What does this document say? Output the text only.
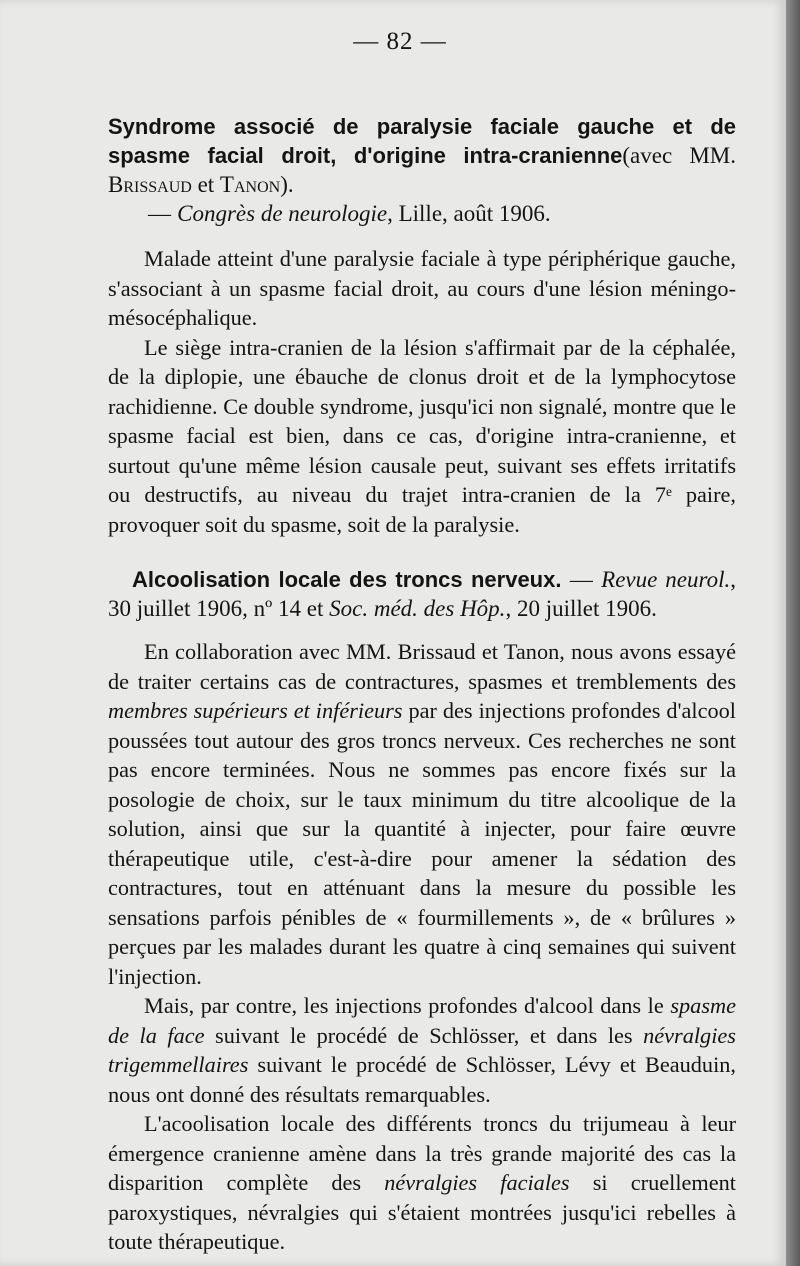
— 82 —

Syndrome associé de paralysie faciale gauche et de spasme facial droit, d'origine intra-cranienne(avec MM. Brissaud et Tanon).
— Congrès de neurologie, Lille, août 1906.

Malade atteint d'une paralysie faciale à type périphérique gauche, s'associant à un spasme facial droit, au cours d'une lésion méningo-mésocéphalique.

Le siège intra-cranien de la lésion s'affirmait par de la céphalée, de la diplopie, une ébauche de clonus droit et de la lymphocytose rachidienne. Ce double syndrome, jusqu'ici non signalé, montre que le spasme facial est bien, dans ce cas, d'origine intra-cranienne, et surtout qu'une même lésion causale peut, suivant ses effets irritatifs ou destructifs, au niveau du trajet intra-cranien de la 7ᵉ paire, provoquer soit du spasme, soit de la paralysie.

Alcoolisation locale des troncs nerveux. — Revue neurol., 30 juillet 1906, nº 14 et Soc. méd. des Hôp., 20 juillet 1906.

En collaboration avec MM. Brissaud et Tanon, nous avons essayé de traiter certains cas de contractures, spasmes et tremblements des membres supérieurs et inférieurs par des injections profondes d'alcool poussées tout autour des gros troncs nerveux. Ces recherches ne sont pas encore terminées. Nous ne sommes pas encore fixés sur la posologie de choix, sur le taux minimum du titre alcoolique de la solution, ainsi que sur la quantité à injecter, pour faire œuvre thérapeutique utile, c'est-à-dire pour amener la sédation des contractures, tout en atténuant dans la mesure du possible les sensations parfois pénibles de « fourmillements », de « brûlures » perçues par les malades durant les quatre à cinq semaines qui suivent l'injection.

Mais, par contre, les injections profondes d'alcool dans le spasme de la face suivant le procédé de Schlösser, et dans les névralgies trigemmellaires suivant le procédé de Schlösser, Lévy et Beauduin, nous ont donné des résultats remarquables.

L'acoolisation locale des différents troncs du trijumeau à leur émergence cranienne amène dans la très grande majorité des cas la disparition complète des névralgies faciales si cruellement paroxystiques, névralgies qui s'étaient montrées jusqu'ici rebelles à toute thérapeutique.
